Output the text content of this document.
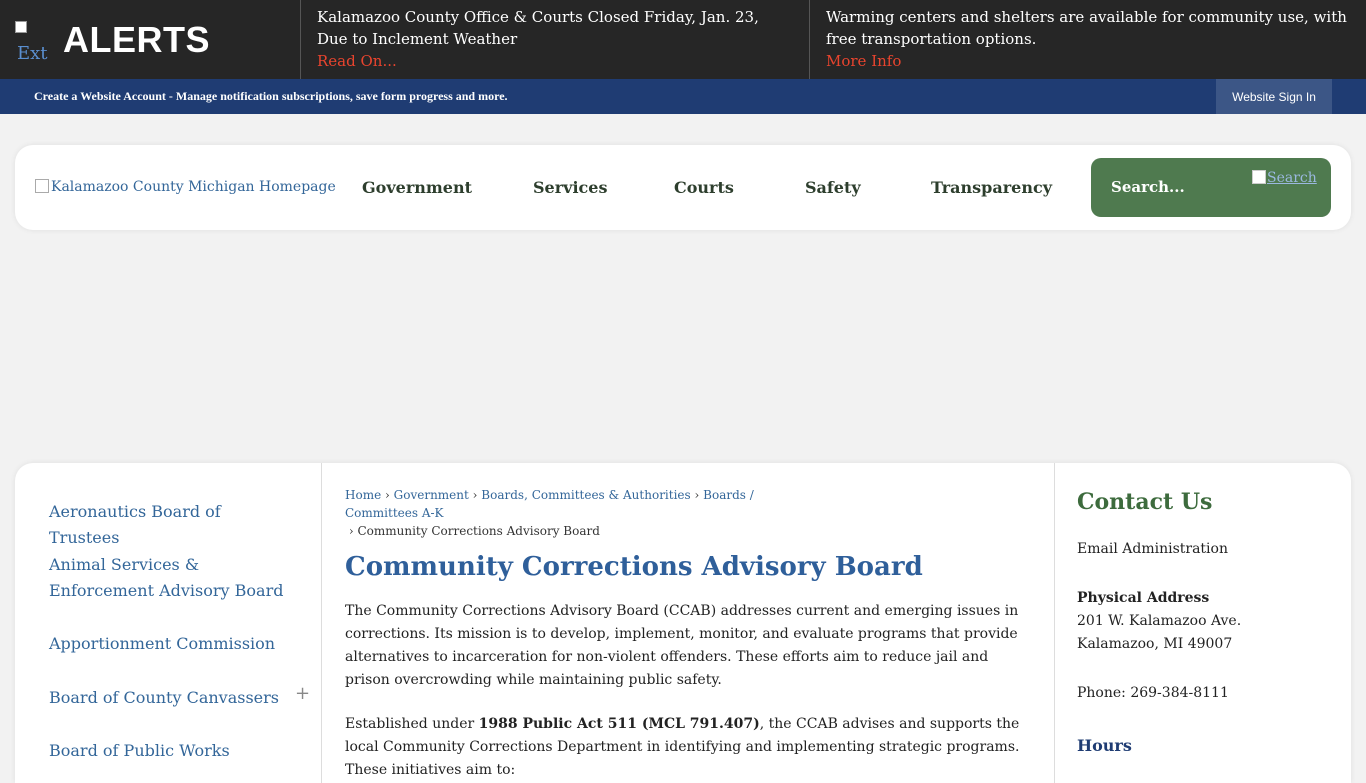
Ext ALERTS
Kalamazoo County Office & Courts Closed Friday, Jan. 23, Due to Inclement Weather
Read On...
Warming centers and shelters are available for community use, with free transportation options.
More Info
Create a Website Account - Manage notification subscriptions, save form progress and more.	Website Sign In
Kalamazoo County Michigan Homepage Government	Services	Courts	Safety	Transparency	Search...	Search
Aeronautics Board of Trustees
Animal Services & Enforcement Advisory Board
Apportionment Commission
Board of County Canvassers +
Board of Public Works
Home › Government › Boards, Committees & Authorities › Boards / Committees A-K
› Community Corrections Advisory Board
Community Corrections Advisory Board

The Community Corrections Advisory Board (CCAB) addresses current and emerging issues in corrections. Its mission is to develop, implement, monitor, and evaluate programs that provide alternatives to incarceration for non-violent offenders. These efforts aim to reduce jail and prison overcrowding while maintaining public safety.

Established under 1988 Public Act 511 (MCL 791.407), the CCAB advises and supports the local Community Corrections Department in identifying and implementing strategic programs. These initiatives aim to:

Contact Us
Email Administration
Physical Address
201 W. Kalamazoo Ave.
Kalamazoo, MI 49007
Phone: 269-384-8111
Hours
